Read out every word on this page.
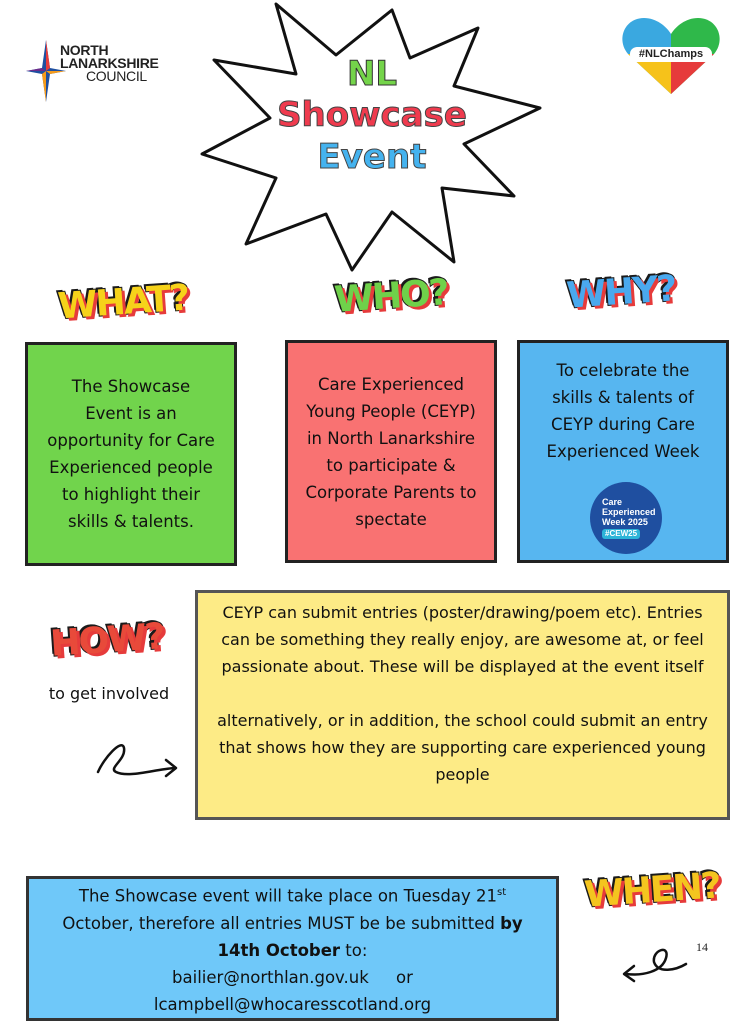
NORTH
LANARKSHIRE
COUNCIL
#NLChamps
NL
Showcase
Event
WHAT?	WHO?	WHY?
The Showcase Event is an opportunity for Care Experienced people to highlight their skills & talents.
Care Experienced Young People (CEYP) in North Lanarkshire to participate & Corporate Parents to spectate
To celebrate the skills & talents of CEYP during Care Experienced Week
Care
Experienced
Week 2025
#CEW25
HOW?
to get involved
CEYP can submit entries (poster/drawing/poem etc). Entries can be something they really enjoy, are awesome at, or feel passionate about. These will be displayed at the event itself
alternatively, or in addition, the school could submit an entry that shows how they are supporting care experienced young people
The Showcase event will take place on Tuesday 21st
October, therefore all entries MUST be be submitted by
14th October to:
bailier@northlan.gov.uk or
lcampbell@whocaresscotland.org
WHEN?
14
